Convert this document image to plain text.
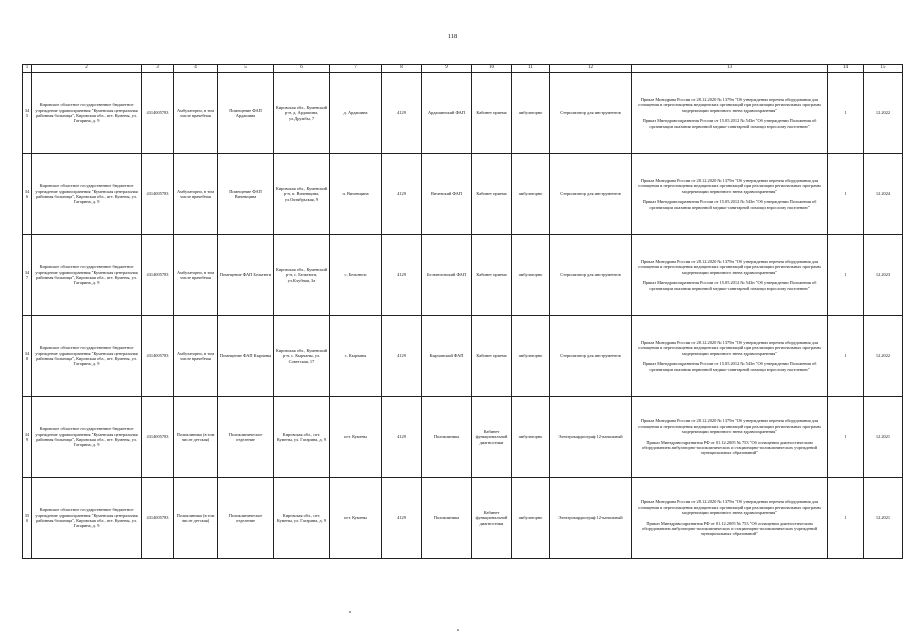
118
1	2	3	4	5	6	7	8	9	10	11	12	13	14	15
345	Кировское областное государственное бюджетное учреждение здравоохранения "Куменская центральная районная больница", Кировская обл., пгт. Кумены, ул. Гагарина, д. 9	4314005783	Амбулаторно, в том числе врачебная	Помещение ФАП Ардашина	Кировская обл., Куменский р-н, д. Ардашина, ул.Дружбы, 7	д. Ардашина	4129	Ардашинский ФАП	Кабинет приема	амбулаторно	Стерилизатор для инструментов	Приказ Минздрава России от 28.12.2020 № 1379н "Об утверждении перечня оборудования для оснащения и переоснащения медицинских организаций при реализации региональных программ модернизации первичного звена здравоохранения"

Приказ Минздравсоцразвития России от 15.05.2012 № 543н "Об утверждении Положения об организации оказания первичной медико-санитарной помощи взрослому населению"	1	12.2022
346	Кировское областное государственное бюджетное учреждение здравоохранения "Куменская центральная районная больница", Кировская обл., пгт. Кумены, ул. Гагарина, д. 9	4314005783	Амбулаторно, в том числе врачебная	Помещение ФАП Вичевщина	Кировская обл., Куменский р-н, п. Вичевщина, ул.Октябрьская, 9	п. Вичевщина	4129	Вичевский ФАП	Кабинет приема	амбулаторно	Стерилизатор для инструментов	Приказ Минздрава России от 28.12.2020 № 1379н "Об утверждении перечня оборудования для оснащения и переоснащения медицинских организаций при реализации региональных программ модернизации первичного звена здравоохранения"

Приказ Минздравсоцразвития России от 15.05.2012 № 543н "Об утверждении Положения об организации оказания первичной медико-санитарной помощи взрослому населению"	1	12.2024
347	Кировское областное государственное бюджетное учреждение здравоохранения "Куменская центральная районная больница", Кировская обл., пгт. Кумены, ул. Гагарина, д. 9	4314005783	Амбулаторно, в том числе врачебная	Помещение ФАП Бельтюги	Кировская обл., Куменский р-н, с. Бельтюги, ул.Клубная, 3а	с. Бельтюги	4129	Бельтюговский ФАП	Кабинет приема	амбулаторно	Стерилизатор для инструментов	Приказ Минздрава России от 28.12.2020 № 1379н "Об утверждении перечня оборудования для оснащения и переоснащения медицинских организаций при реализации региональных программ модернизации первичного звена здравоохранения"

Приказ Минздравсоцразвития России от 15.05.2012 № 543н "Об утверждении Положения об организации оказания первичной медико-санитарной помощи взрослому населению"	1	12.2023
348	Кировское областное государственное бюджетное учреждение здравоохранения "Куменская центральная районная больница", Кировская обл., пгт. Кумены, ул. Гагарина, д. 9	4314005783	Амбулаторно, в том числе врачебная	Помещение ФАП Кырчаны	Кировская обл., Куменский р-н, с. Кырчаны, ул. Советская, 17	с. Кырчаны	4129	Кырчанский ФАП	Кабинет приема	амбулаторно	Стерилизатор для инструментов	Приказ Минздрава России от 28.12.2020 № 1379н "Об утверждении перечня оборудования для оснащения и переоснащения медицинских организаций при реализации региональных программ модернизации первичного звена здравоохранения"

Приказ Минздравсоцразвития России от 15.05.2012 № 543н "Об утверждении Положения об организации оказания первичной медико-санитарной помощи взрослому населению"	1	12.2022
349	Кировское областное государственное бюджетное учреждение здравоохранения "Куменская центральная районная больница", Кировская обл., пгт. Кумены, ул. Гагарина, д. 9	4314005783	Поликлиника (в том числе детская)	Поликлиническое отделение	Кировская обл., пгт. Кумены, ул. Гагарина, д. 9	пгт. Кумены	4129	Поликлиника	Кабинет функциональной диагностики	амбулаторно	Электрокардиограф 12-канальный	Приказ Минздрава России от 28.12.2020 № 1379н "Об утверждении перечня оборудования для оснащения и переоснащения медицинских организаций при реализации региональных программ модернизации первичного звена здравоохранения"

Приказ Минздравсоцразвития РФ от 01.12.2005 № 753 "Об оснащении диагностическим оборудованием амбулаторно-поликлинических и стационарно-поликлинических учреждений муниципальных образований"	1	12.2021
350	Кировское областное государственное бюджетное учреждение здравоохранения "Куменская центральная районная больница", Кировская обл., пгт. Кумены, ул. Гагарина, д. 9	4314005783	Поликлиника (в том числе детская)	Поликлиническое отделение	Кировская обл., пгт. Кумены, ул. Гагарина, д. 9	пгт. Кумены	4129	Поликлиника	Кабинет функциональной диагностики	амбулаторно	Электрокардиограф 12-канальный	Приказ Минздрава России от 28.12.2020 № 1379н "Об утверждении перечня оборудования для оснащения и переоснащения медицинских организаций при реализации региональных программ модернизации первичного звена здравоохранения"

Приказ Минздравсоцразвития РФ от 01.12.2005 № 753 "Об оснащении диагностическим оборудованием амбулаторно-поликлинических и стационарно-поликлинических учреждений муниципальных образований"	1	12.2021
